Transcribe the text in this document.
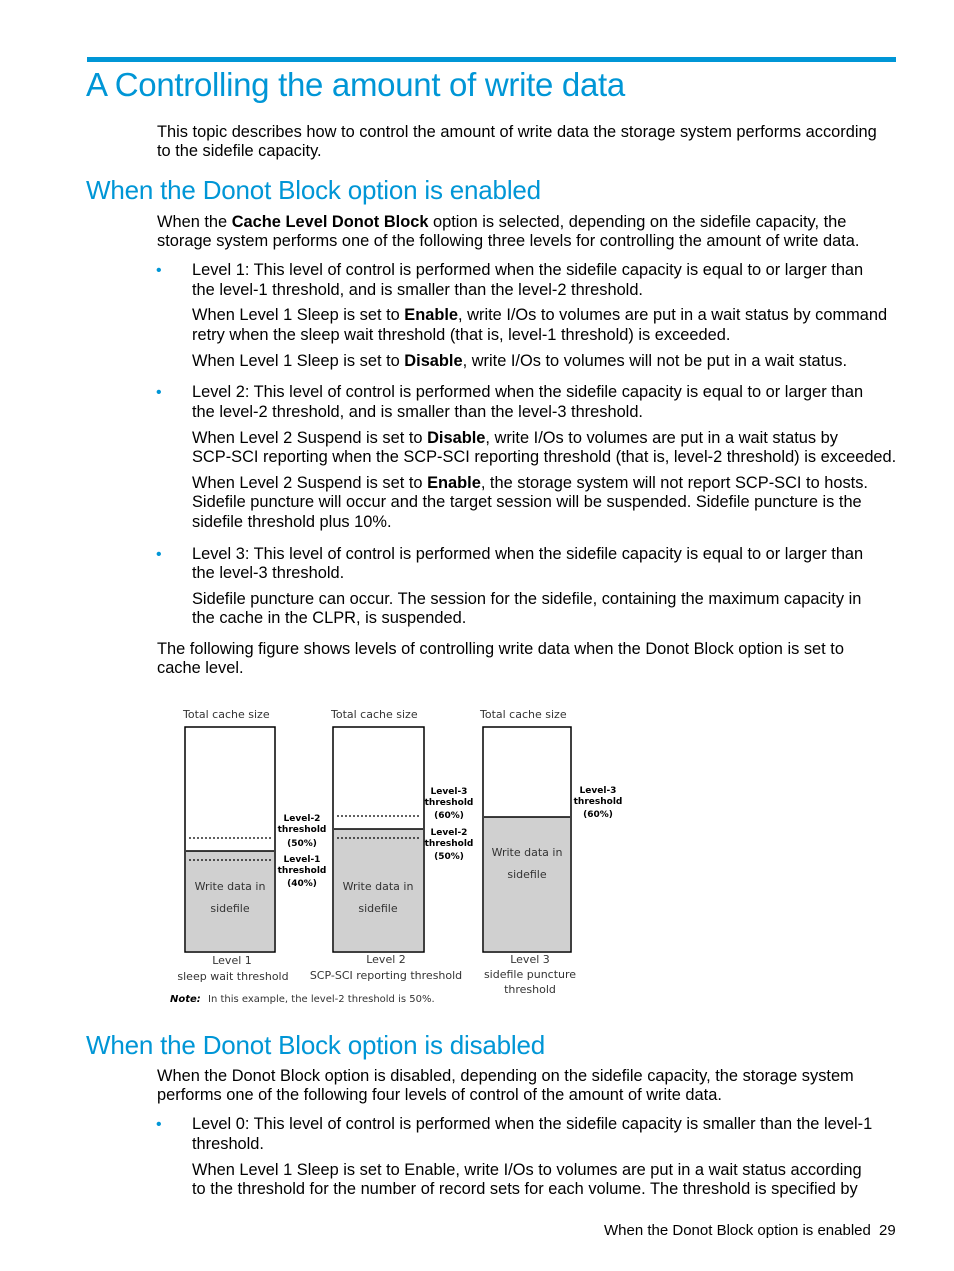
A Controlling the amount of write data
This topic describes how to control the amount of write data the storage system performs according
to the sidefile capacity.
When the Donot Block option is enabled
When the Cache Level Donot Block option is selected, depending on the sidefile capacity, the
storage system performs one of the following three levels for controlling the amount of write data.
• Level 1: This level of control is performed when the sidefile capacity is equal to or larger than
the level-1 threshold, and is smaller than the level-2 threshold.
When Level 1 Sleep is set to Enable, write I/Os to volumes are put in a wait status by command
retry when the sleep wait threshold (that is, level-1 threshold) is exceeded.
When Level 1 Sleep is set to Disable, write I/Os to volumes will not be put in a wait status.
• Level 2: This level of control is performed when the sidefile capacity is equal to or larger than
the level-2 threshold, and is smaller than the level-3 threshold.
When Level 2 Suspend is set to Disable, write I/Os to volumes are put in a wait status by
SCP-SCI reporting when the SCP-SCI reporting threshold (that is, level-2 threshold) is exceeded.
When Level 2 Suspend is set to Enable, the storage system will not report SCP-SCI to hosts.
Sidefile puncture will occur and the target session will be suspended. Sidefile puncture is the
sidefile threshold plus 10%.
• Level 3: This level of control is performed when the sidefile capacity is equal to or larger than
the level-3 threshold.
Sidefile puncture can occur. The session for the sidefile, containing the maximum capacity in
the cache in the CLPR, is suspended.
The following figure shows levels of controlling write data when the Donot Block option is set to
cache level.
Total cache size
Write data in
sidefile
Level-2
threshold
(50%)
Level-1
threshold
(40%)
Level 1
sleep wait threshold
Total cache size
Write data in
sidefile
Level-3
threshold
(60%)
Level-2
threshold
(50%)
Level 2
SCP-SCI reporting threshold
Total cache size
Write data in
sidefile
Level-3
threshold
(60%)
Level 3
sidefile puncture
threshold
Note: In this example, the level-2 threshold is 50%.
When the Donot Block option is disabled
When the Donot Block option is disabled, depending on the sidefile capacity, the storage system
performs one of the following four levels of control of the amount of write data.
• Level 0: This level of control is performed when the sidefile capacity is smaller than the level-1
threshold.
When Level 1 Sleep is set to Enable, write I/Os to volumes are put in a wait status according
to the threshold for the number of record sets for each volume. The threshold is specified by
When the Donot Block option is enabled 29
